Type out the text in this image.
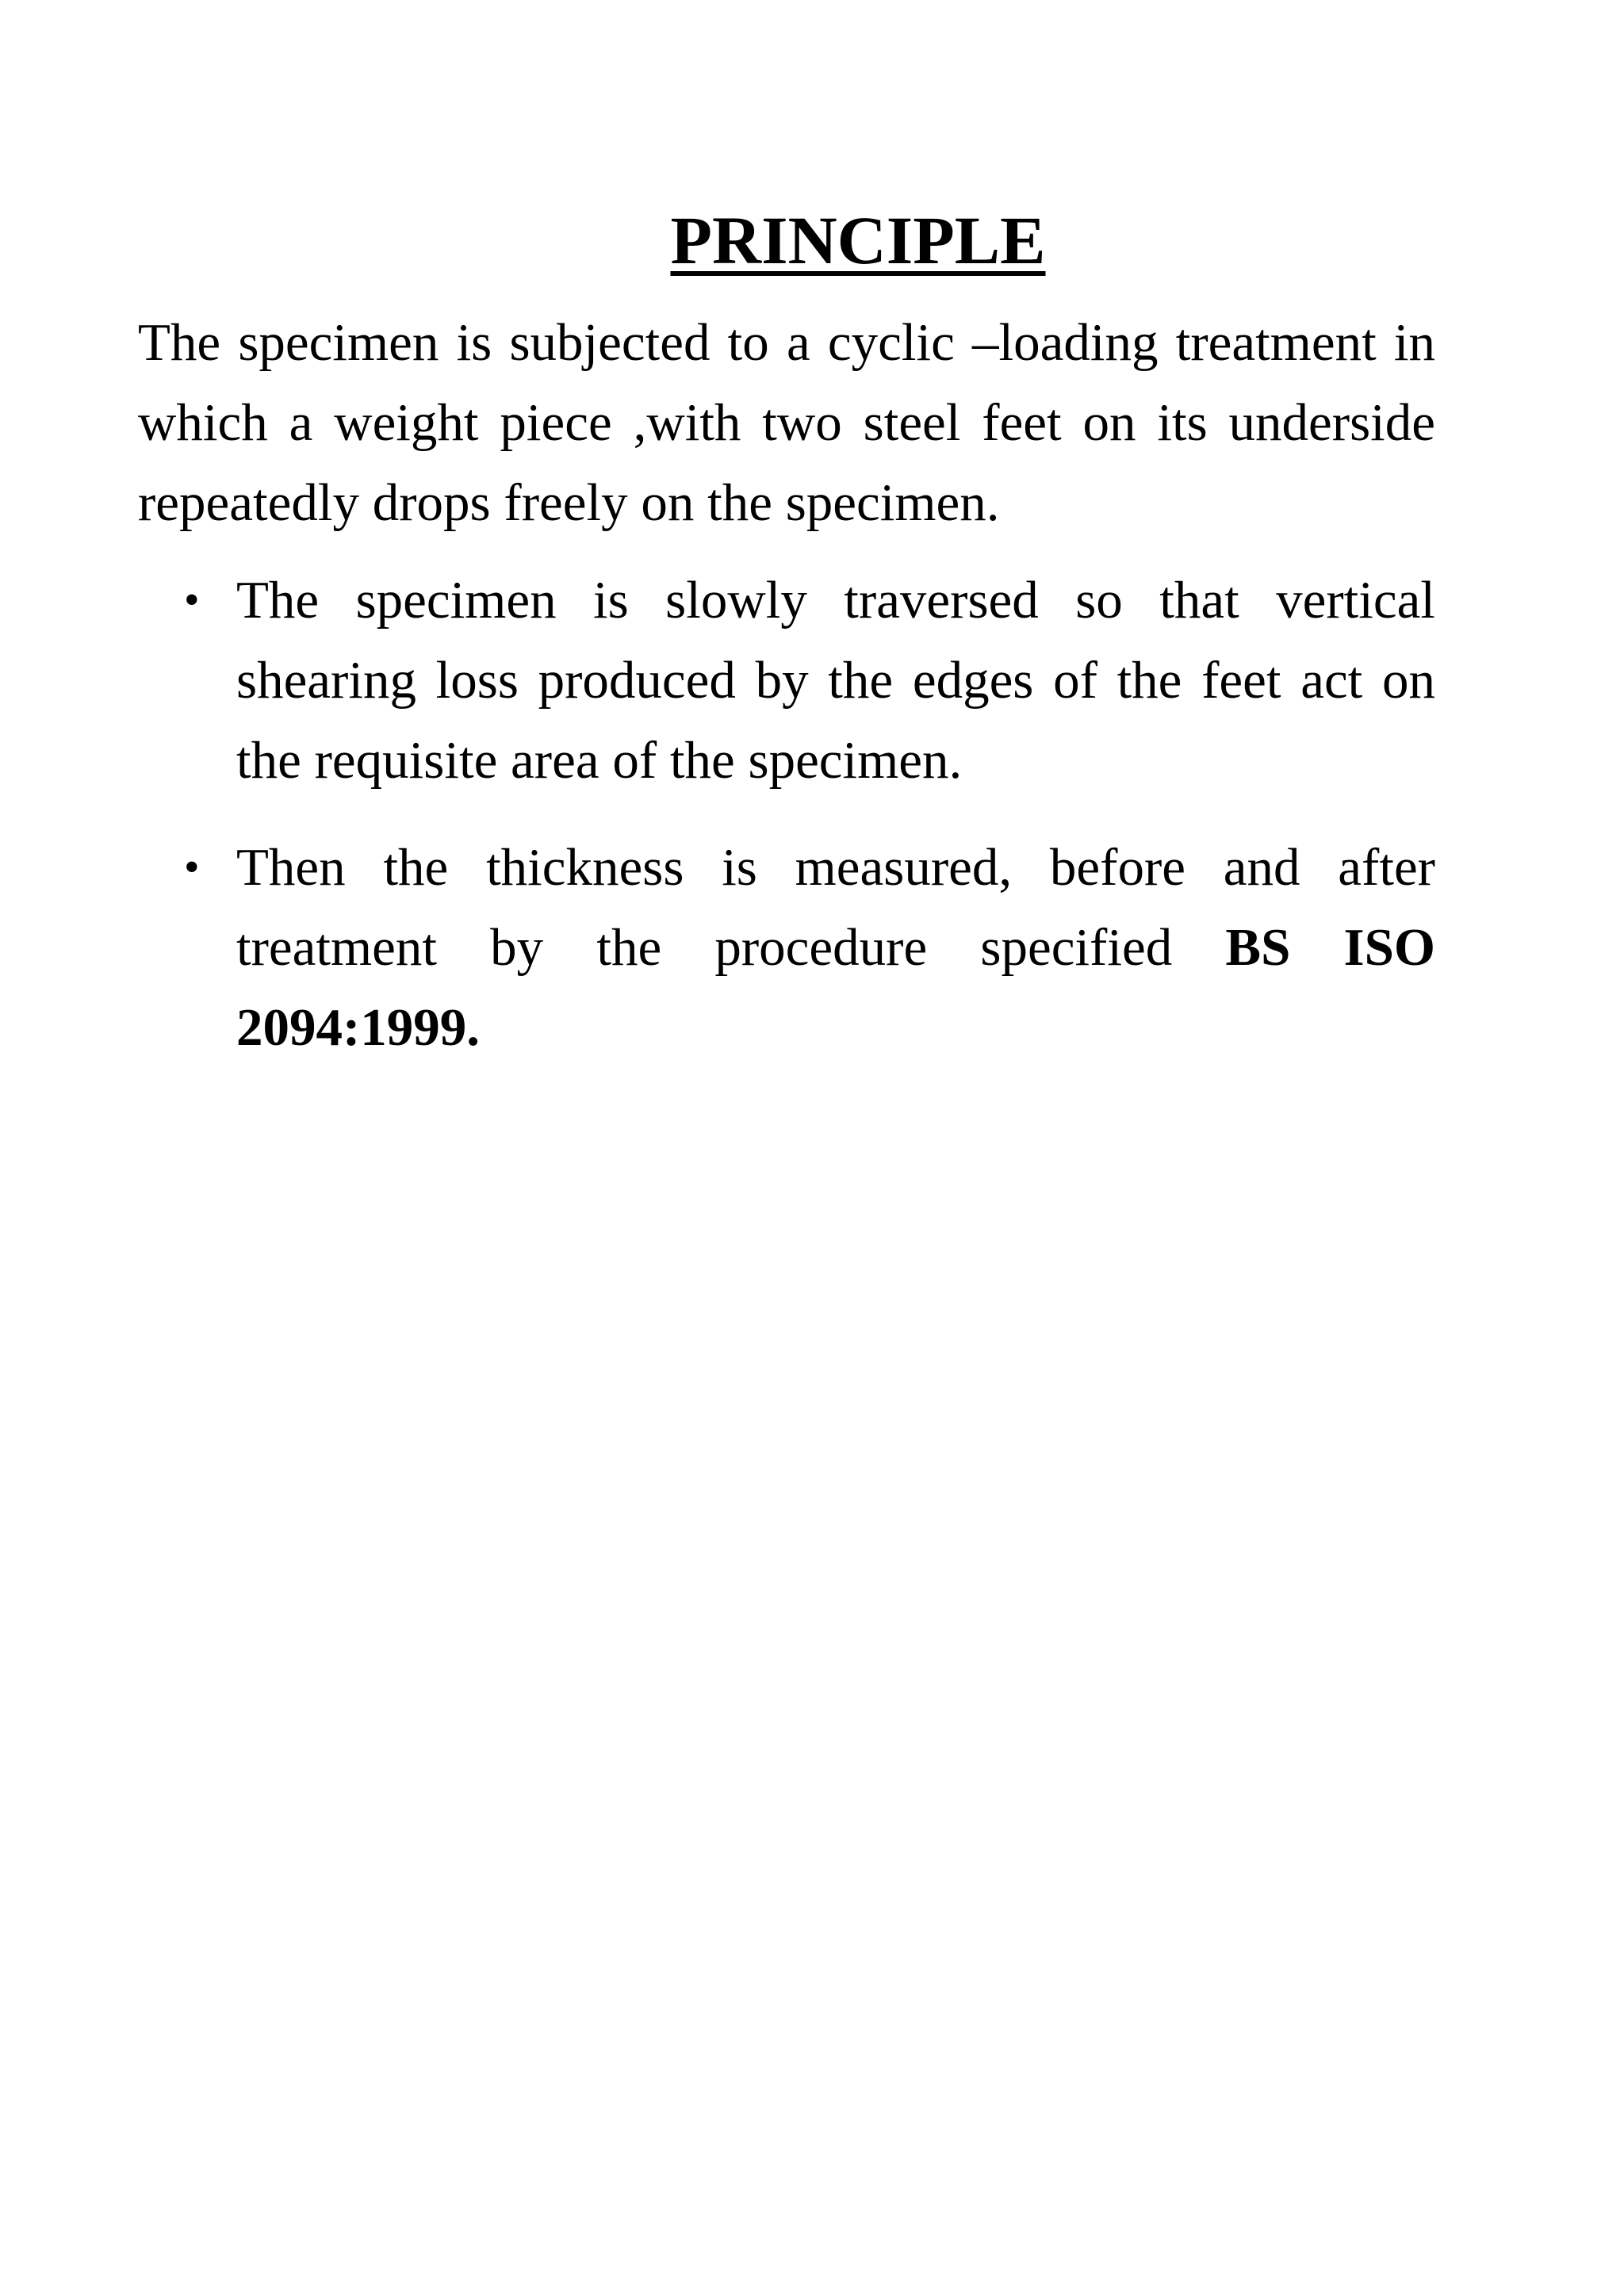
PRINCIPLE

The specimen is subjected to a cyclic –loading treatment in which a weight piece ,with two steel feet on its underside repeatedly drops freely on the specimen.

• The specimen is slowly traversed so that vertical shearing loss produced by the edges of the feet act on the requisite area of the specimen.
• Then the thickness is measured, before and after treatment by the procedure specified BS ISO 2094:1999.
